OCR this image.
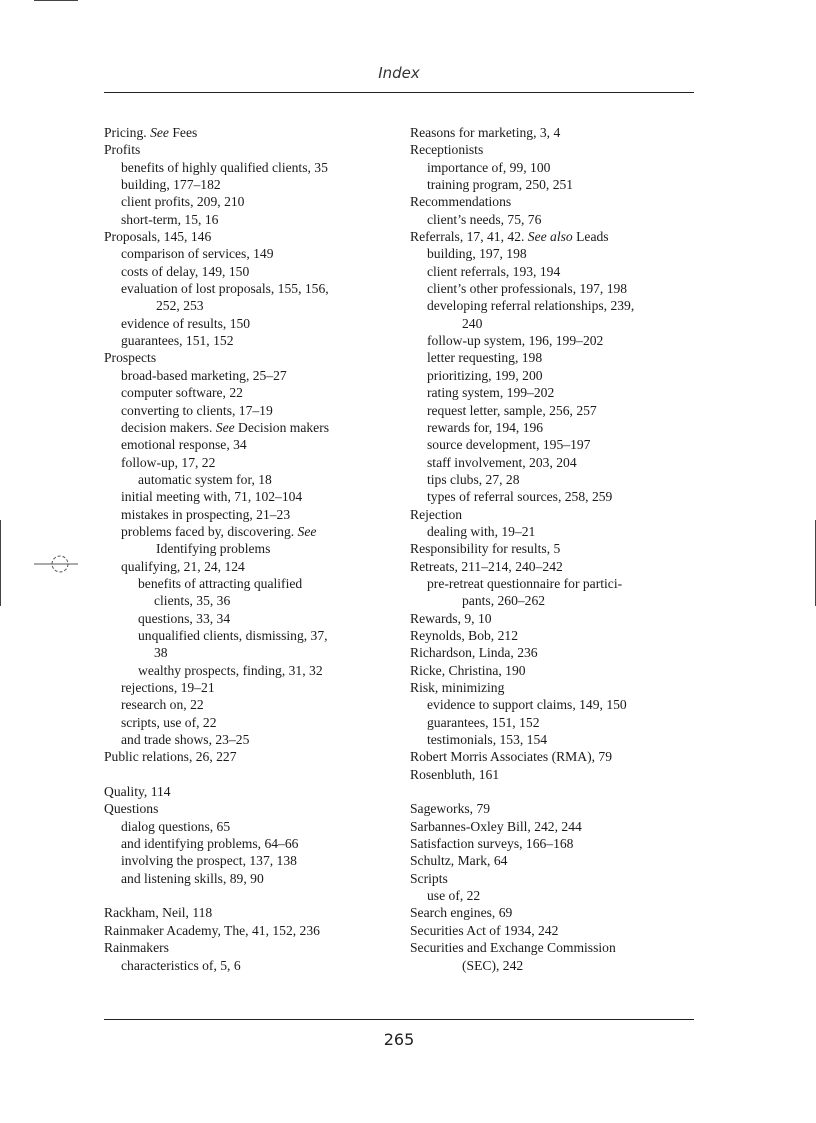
Index
Pricing. See Fees
Profits
benefits of highly qualified clients, 35
building, 177–182
client profits, 209, 210
short-term, 15, 16
Proposals, 145, 146
comparison of services, 149
costs of delay, 149, 150
evaluation of lost proposals, 155, 156,
252, 253
evidence of results, 150
guarantees, 151, 152
Prospects
broad-based marketing, 25–27
computer software, 22
converting to clients, 17–19
decision makers. See Decision makers
emotional response, 34
follow-up, 17, 22
automatic system for, 18
initial meeting with, 71, 102–104
mistakes in prospecting, 21–23
problems faced by, discovering. See
Identifying problems
qualifying, 21, 24, 124
benefits of attracting qualified
clients, 35, 36
questions, 33, 34
unqualified clients, dismissing, 37,
38
wealthy prospects, finding, 31, 32
rejections, 19–21
research on, 22
scripts, use of, 22
and trade shows, 23–25
Public relations, 26, 227
Quality, 114
Questions
dialog questions, 65
and identifying problems, 64–66
involving the prospect, 137, 138
and listening skills, 89, 90
Rackham, Neil, 118
Rainmaker Academy, The, 41, 152, 236
Rainmakers
characteristics of, 5, 6
Reasons for marketing, 3, 4
Receptionists
importance of, 99, 100
training program, 250, 251
Recommendations
client’s needs, 75, 76
Referrals, 17, 41, 42. See also Leads
building, 197, 198
client referrals, 193, 194
client’s other professionals, 197, 198
developing referral relationships, 239,
240
follow-up system, 196, 199–202
letter requesting, 198
prioritizing, 199, 200
rating system, 199–202
request letter, sample, 256, 257
rewards for, 194, 196
source development, 195–197
staff involvement, 203, 204
tips clubs, 27, 28
types of referral sources, 258, 259
Rejection
dealing with, 19–21
Responsibility for results, 5
Retreats, 211–214, 240–242
pre-retreat questionnaire for partici-
pants, 260–262
Rewards, 9, 10
Reynolds, Bob, 212
Richardson, Linda, 236
Ricke, Christina, 190
Risk, minimizing
evidence to support claims, 149, 150
guarantees, 151, 152
testimonials, 153, 154
Robert Morris Associates (RMA), 79
Rosenbluth, 161
Sageworks, 79
Sarbannes-Oxley Bill, 242, 244
Satisfaction surveys, 166–168
Schultz, Mark, 64
Scripts
use of, 22
Search engines, 69
Securities Act of 1934, 242
Securities and Exchange Commission
(SEC), 242
265
